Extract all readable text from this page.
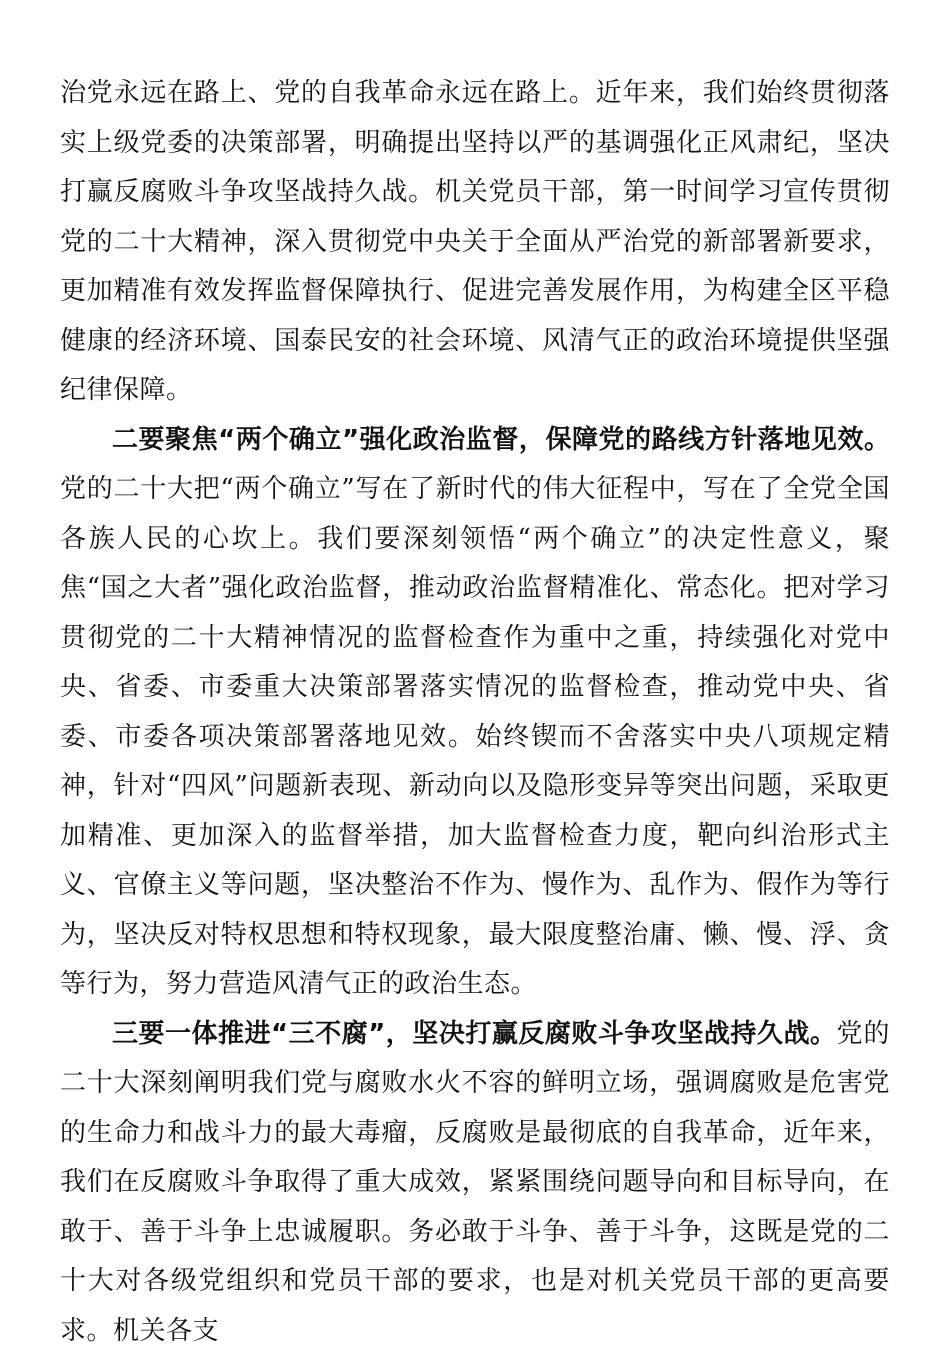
治党永远在路上、党的自我革命永远在路上。近年来，我们始终贯彻落实上级党委的决策部署，明确提出坚持以严的基调强化正风肃纪，坚决打赢反腐败斗争攻坚战持久战。机关党员干部，第一时间学习宣传贯彻党的二十大精神，深入贯彻党中央关于全面从严治党的新部署新要求，更加精准有效发挥监督保障执行、促进完善发展作用，为构建全区平稳健康的经济环境、国泰民安的社会环境、风清气正的政治环境提供坚强纪律保障。

二要聚焦“两个确立”强化政治监督，保障党的路线方针落地见效。党的二十大把“两个确立”写在了新时代的伟大征程中，写在了全党全国各族人民的心坎上。我们要深刻领悟“两个确立”的决定性意义，聚焦“国之大者”强化政治监督，推动政治监督精准化、常态化。把对学习贯彻党的二十大精神情况的监督检查作为重中之重，持续强化对党中央、省委、市委重大决策部署落实情况的监督检查，推动党中央、省委、市委各项决策部署落地见效。始终锲而不舍落实中央八项规定精神，针对“四风”问题新表现、新动向以及隐形变异等突出问题，采取更加精准、更加深入的监督举措，加大监督检查力度，靶向纠治形式主义、官僚主义等问题，坚决整治不作为、慢作为、乱作为、假作为等行为，坚决反对特权思想和特权现象，最大限度整治庸、懒、慢、浮、贪等行为，努力营造风清气正的政治生态。

三要一体推进“三不腐”，坚决打赢反腐败斗争攻坚战持久战。党的二十大深刻阐明我们党与腐败水火不容的鲜明立场，强调腐败是危害党的生命力和战斗力的最大毒瘤，反腐败是最彻底的自我革命，近年来，我们在反腐败斗争取得了重大成效，紧紧围绕问题导向和目标导向，在敢于、善于斗争上忠诚履职。务必敢于斗争、善于斗争，这既是党的二十大对各级党组织和党员干部的要求，也是对机关党员干部的更高要求。机关各支
